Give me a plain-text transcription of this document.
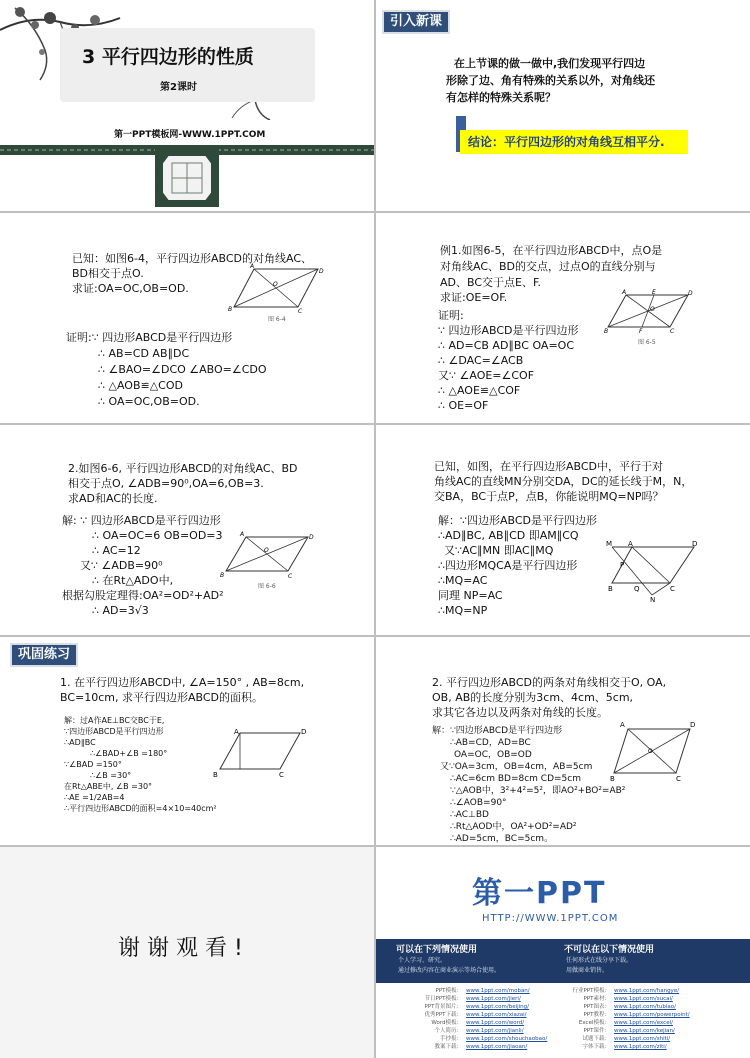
3 平行四边形的性质
第2课时
第一PPT模板网-WWW.1PPT.COM
引入新课
在上节课的做一做中,我们发现平行四边
形除了边、角有特殊的关系以外，对角线还
有怎样的特殊关系呢？
结论：平行四边形的对角线互相平分.
已知：如图6-4，平行四边形ABCD的对角线AC、
BD相交于点O.
求证:OA=OC,OB=OD.
证明:∵ 四边形ABCD是平行四边形
∴ AB=CD AB∥DC
∴ ∠BAO=∠DCO ∠ABO=∠CDO
∴ △AOB≌△COD
∴ OA=OC,OB=OD.
A
B	C
D
O
图 6-4
例1.如图6-5，在平行四边形ABCD中，点O是
对角线AC、BD的交点，过点O的直线分别与
AD、BC交于点E、F.
求证:OE=OF.
证明:
∵ 四边形ABCD是平行四边形
∴ AD=CB AD∥BC OA=OC
∴ ∠DAC=∠ACB
又∵ ∠AOE=∠COF
∴ △AOE≌△COF
∴ OE=OF
A	E	D
O
B	F	C
图 6-5
2.如图6-6, 平行四边形ABCD的对角线AC、BD
相交于点O, ∠ADB=90⁰,OA=6,OB=3.
求AD和AC的长度.
解: ∵ 四边形ABCD是平行四边形
∴ OA=OC=6 OB=OD=3
∴ AC=12
又∵ ∠ADB=90⁰
∴ 在Rt△ADO中,
根据勾股定理得:OA²=OD²+AD²
∴ AD=3√3
A	D
O
B	C
图 6-6
已知，如图，在平行四边形ABCD中，平行于对
角线AC的直线MN分别交DA，DC的延长线于M，N，
交BA，BC于点P，点B，你能说明MQ=NP吗？
解：∵四边形ABCD是平行四边形
∴AD∥BC, AB∥CD 即AM∥CQ
又∵AC∥MN 即AC∥MQ
∴四边形MQCA是平行四边形
∴MQ=AC
同理 NP=AC
∴MQ=NP
M A	D
P
B	Q	C
N
巩固练习
1. 在平行四边形ABCD中, ∠A=150° , AB=8cm,
BC=10cm, 求平行四边形ABCD的面积。
解：过A作AE⊥BC交BC于E,
∵四边形ABCD是平行四边形
∴AD∥BC
∴∠BAD+∠B =180°
∵∠BAD =150°
∴∠B =30°
在Rt△ABE中, ∠B =30°
∴AE =1/2AB=4
∴平行四边形ABCD的面积=4×10=40cm²
A	D
B	C
2. 平行四边形ABCD的两条对角线相交于O, OA,
OB, AB的长度分别为3cm、4cm、5cm,
求其它各边以及两条对角线的长度。
解：∵四边形ABCD是平行四边形
∴AB=CD，AD=BC
OA=OC，OB=OD
又∵OA=3cm，OB=4cm，AB=5cm
∴AC=6cm BD=8cm CD=5cm
∵△AOB中，3²+4²=5²，即AO²+BO²=AB²
∴∠AOB=90°
∴AC⊥BD
∴Rt△AOD中，OA²+OD²=AD²
∴AD=5cm，BC=5cm。
A	D
O
B	C
谢 谢 观 看 !
第一PPT
HTTP://WWW.1PPT.COM
可以在下列情况使用
个人学习、研究。
通过修改内容在商业演示等场合使用。
不可以在以下情况使用
任何形式在线分享下载。
用做商业销售。
PPT模板： www.1ppt.com/moban/
节日PPT模板： www.1ppt.com/jieri/
PPT背景图片： www.1ppt.com/beijing/
优秀PPT下载： www.1ppt.com/xiazai/
Word模板： www.1ppt.com/word/
个人简历： www.1ppt.com/jianli/
手抄报： www.1ppt.com/shouchaobao/
教案下载： www.1ppt.com/jiaoan/
行业PPT模板： www.1ppt.com/hangye/
PPT素材： www.1ppt.com/sucai/
PPT图表： www.1ppt.com/tubiao/
PPT教程： www.1ppt.com/powerpoint/
Excel模板： www.1ppt.com/excel/
PPT课件： www.1ppt.com/kejian/
试题下载： www.1ppt.com/shiti/
字体下载： www.1ppt.com/ziti/
